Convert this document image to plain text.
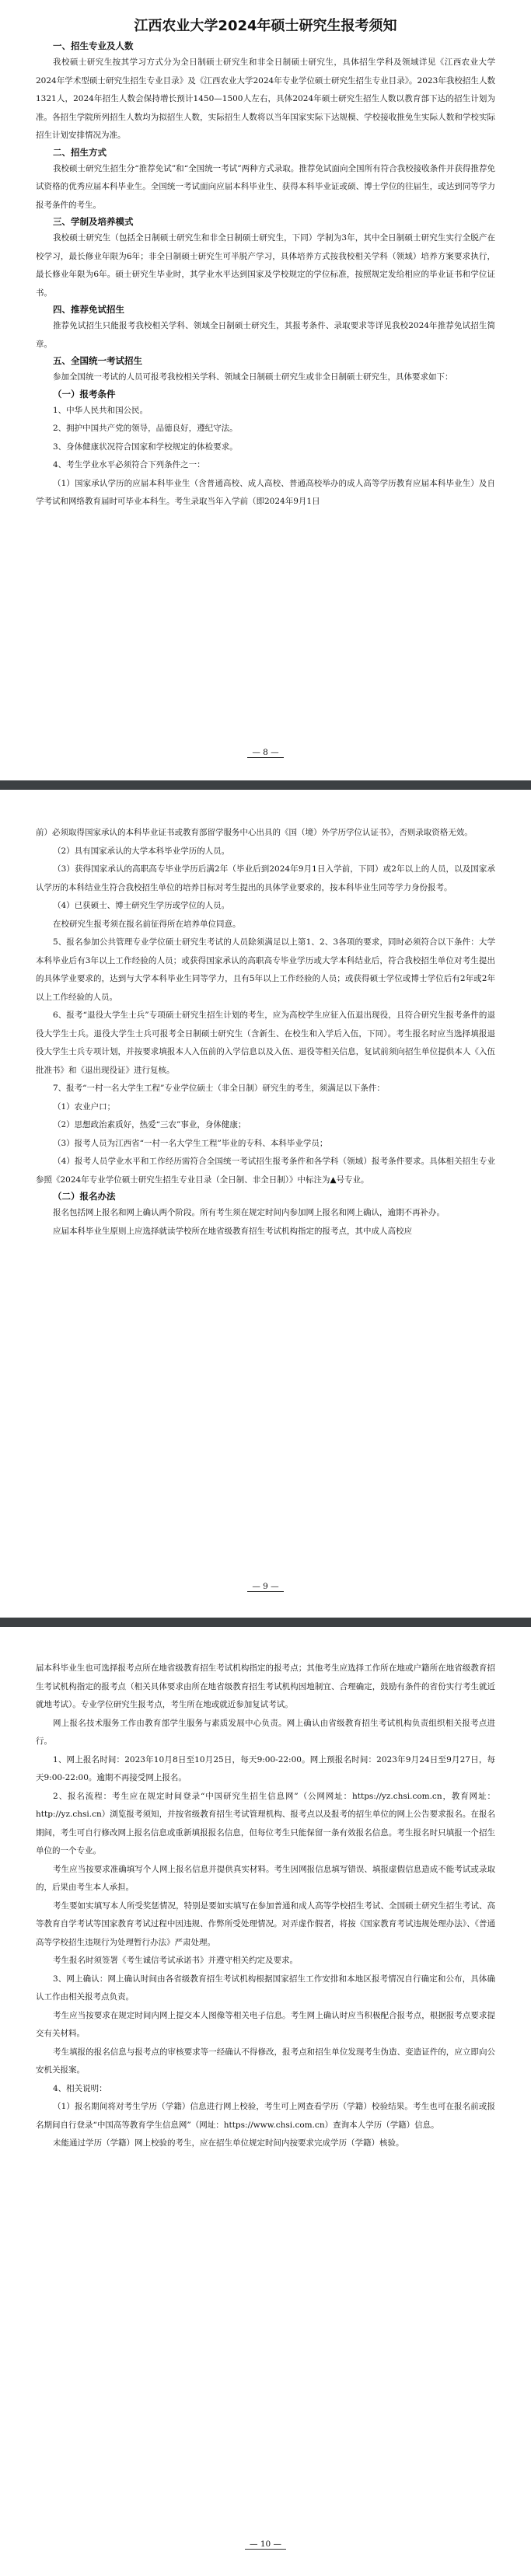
江西农业大学2024年硕士研究生报考须知
一、招生专业及人数

我校硕士研究生按其学习方式分为全日制硕士研究生和非全日制硕士研究生，具体招生学科及领域详见《江西农业大学2024年学术型硕士研究生招生专业目录》及《江西农业大学2024年专业学位硕士研究生招生专业目录》。2023年我校招生人数1321人，2024年招生人数会保持增长预计1450—1500人左右，具体2024年硕士研究生招生人数以教育部下达的招生计划为准。各招生学院所列招生人数均为拟招生人数，实际招生人数将以当年国家实际下达规模、学校接收推免生实际人数和学校实际招生计划安排情况为准。

二、招生方式

我校硕士研究生招生分“推荐免试”和“全国统一考试”两种方式录取。推荐免试面向全国所有符合我校接收条件并获得推荐免试资格的优秀应届本科毕业生。全国统一考试面向应届本科毕业生、获得本科毕业证或硕、博士学位的往届生，或达到同等学力报考条件的考生。

三、学制及培养模式

我校硕士研究生（包括全日制硕士研究生和非全日制硕士研究生，下同）学制为3年，其中全日制硕士研究生实行全脱产在校学习，最长修业年限为6年；非全日制硕士研究生可半脱产学习，具体培养方式按我校相关学科（领域）培养方案要求执行，最长修业年限为6年。硕士研究生毕业时，其学业水平达到国家及学校规定的学位标准，按照规定发给相应的毕业证书和学位证书。

四、推荐免试招生

推荐免试招生只能报考我校相关学科、领域全日制硕士研究生，其报考条件、录取要求等详见我校2024年推荐免试招生简章。

五、全国统一考试招生

参加全国统一考试的人员可报考我校相关学科、领域全日制硕士研究生或非全日制硕士研究生，具体要求如下：

（一）报考条件

1、中华人民共和国公民。

2、拥护中国共产党的领导，品德良好，遵纪守法。

3、身体健康状况符合国家和学校规定的体检要求。

4、考生学业水平必须符合下列条件之一：

（1）国家承认学历的应届本科毕业生（含普通高校、成人高校、普通高校举办的成人高等学历教育应届本科毕业生）及自学考试和网络教育届时可毕业本科生。考生录取当年入学前（即2024年9月1日

— 8 —

前）必须取得国家承认的本科毕业证书或教育部留学服务中心出具的《国（境）外学历学位认证书》，否则录取资格无效。

（2）具有国家承认的大学本科毕业学历的人员。

（3）获得国家承认的高职高专毕业学历后满2年（毕业后到2024年9月1日入学前，下同）或2年以上的人员，以及国家承认学历的本科结业生符合我校招生单位的培养目标对考生提出的具体学业要求的，按本科毕业生同等学力身份报考。

（4）已获硕士、博士研究生学历或学位的人员。

在校研究生报考须在报名前征得所在培养单位同意。

5、报名参加公共管理专业学位硕士研究生考试的人员除须满足以上第1、2、3各项的要求，同时必须符合以下条件：大学本科毕业后有3年以上工作经验的人员；或获得国家承认的高职高专毕业学历或大学本科结业后，符合我校招生单位对考生提出的具体学业要求的，达到与大学本科毕业生同等学力，且有5年以上工作经验的人员；或获得硕士学位或博士学位后有2年或2年以上工作经验的人员。

6、报考“退役大学生士兵”专项硕士研究生招生计划的考生，应为高校学生应征入伍退出现役，且符合研究生报考条件的退役大学生士兵。退役大学生士兵可报考全日制硕士研究生（含新生、在校生和入学后入伍，下同）。考生报名时应当选择填报退役大学生士兵专项计划，并按要求填报本人入伍前的入学信息以及入伍、退役等相关信息，复试前须向招生单位提供本人《入伍批准书》和《退出现役证》进行复核。

7、报考“一村一名大学生工程”专业学位硕士（非全日制）研究生的考生，须满足以下条件：

（1）农业户口；

（2）思想政治素质好，热爱“三农”事业，身体健康；

（3）报考人员为江西省“一村一名大学生工程”毕业的专科、本科毕业学员；

（4）报考人员学业水平和工作经历需符合全国统一考试招生报考条件和各学科（领域）报考条件要求。具体相关招生专业参照《2024年专业学位硕士研究生招生专业目录（全日制、非全日制）》中标注为▲号专业。

（二）报名办法

报名包括网上报名和网上确认两个阶段。所有考生须在规定时间内参加网上报名和网上确认，逾期不再补办。

应届本科毕业生原则上应选择就读学校所在地省级教育招生考试机构指定的报考点，其中成人高校应

— 9 —

届本科毕业生也可选择报考点所在地省级教育招生考试机构指定的报考点；其他考生应选择工作所在地或户籍所在地省级教育招生考试机构指定的报考点（相关具体要求由所在地省级教育招生考试机构因地制宜、合理确定，鼓励有条件的省份实行考生就近就地考试）。专业学位研究生报考点，考生所在地或就近参加复试考试。

网上报名技术服务工作由教育部学生服务与素质发展中心负责。网上确认由省级教育招生考试机构负责组织相关报考点进行。

1、网上报名时间：2023年10月8日至10月25日，每天9:00-22:00。网上预报名时间：2023年9月24日至9月27日，每天9:00-22:00。逾期不再接受网上报名。

2、报名流程：考生应在规定时间登录“中国研究生招生信息网”（公网网址：https://yz.chsi.com.cn，教育网址：http://yz.chsi.cn）浏览报考须知，并按省级教育招生考试管理机构、报考点以及报考的招生单位的网上公告要求报名。在报名期间，考生可自行修改网上报名信息或重新填报报名信息，但每位考生只能保留一条有效报名信息。考生报名时只填报一个招生单位的一个专业。

考生应当按要求准确填写个人网上报名信息并提供真实材料。考生因网报信息填写错误、填报虚假信息造成不能考试或录取的，后果由考生本人承担。

考生要如实填写本人所受奖惩情况，特别是要如实填写在参加普通和成人高等学校招生考试、全国硕士研究生招生考试、高等教育自学考试等国家教育考试过程中因违规、作弊所受处理情况。对弄虚作假者，将按《国家教育考试违规处理办法》、《普通高等学校招生违规行为处理暂行办法》严肃处理。

考生报名时须签署《考生诚信考试承诺书》并遵守相关约定及要求。

3、网上确认：网上确认时间由各省级教育招生考试机构根据国家招生工作安排和本地区报考情况自行确定和公布，具体确认工作由相关报考点负责。

考生应当按要求在规定时间内网上提交本人图像等相关电子信息。考生网上确认时应当积极配合报考点，根据报考点要求提交有关材料。

考生填报的报名信息与报考点的审核要求等一经确认不得修改，报考点和招生单位发现考生伪造、变造证件的，应立即向公安机关报案。

4、相关说明：

（1）报名期间将对考生学历（学籍）信息进行网上校验，考生可上网查看学历（学籍）校验结果。考生也可在报名前或报名期间自行登录“中国高等教育学生信息网”（网址：https://www.chsi.com.cn）查询本人学历（学籍）信息。

未能通过学历（学籍）网上校验的考生，应在招生单位规定时间内按要求完成学历（学籍）核验。

— 10 —
